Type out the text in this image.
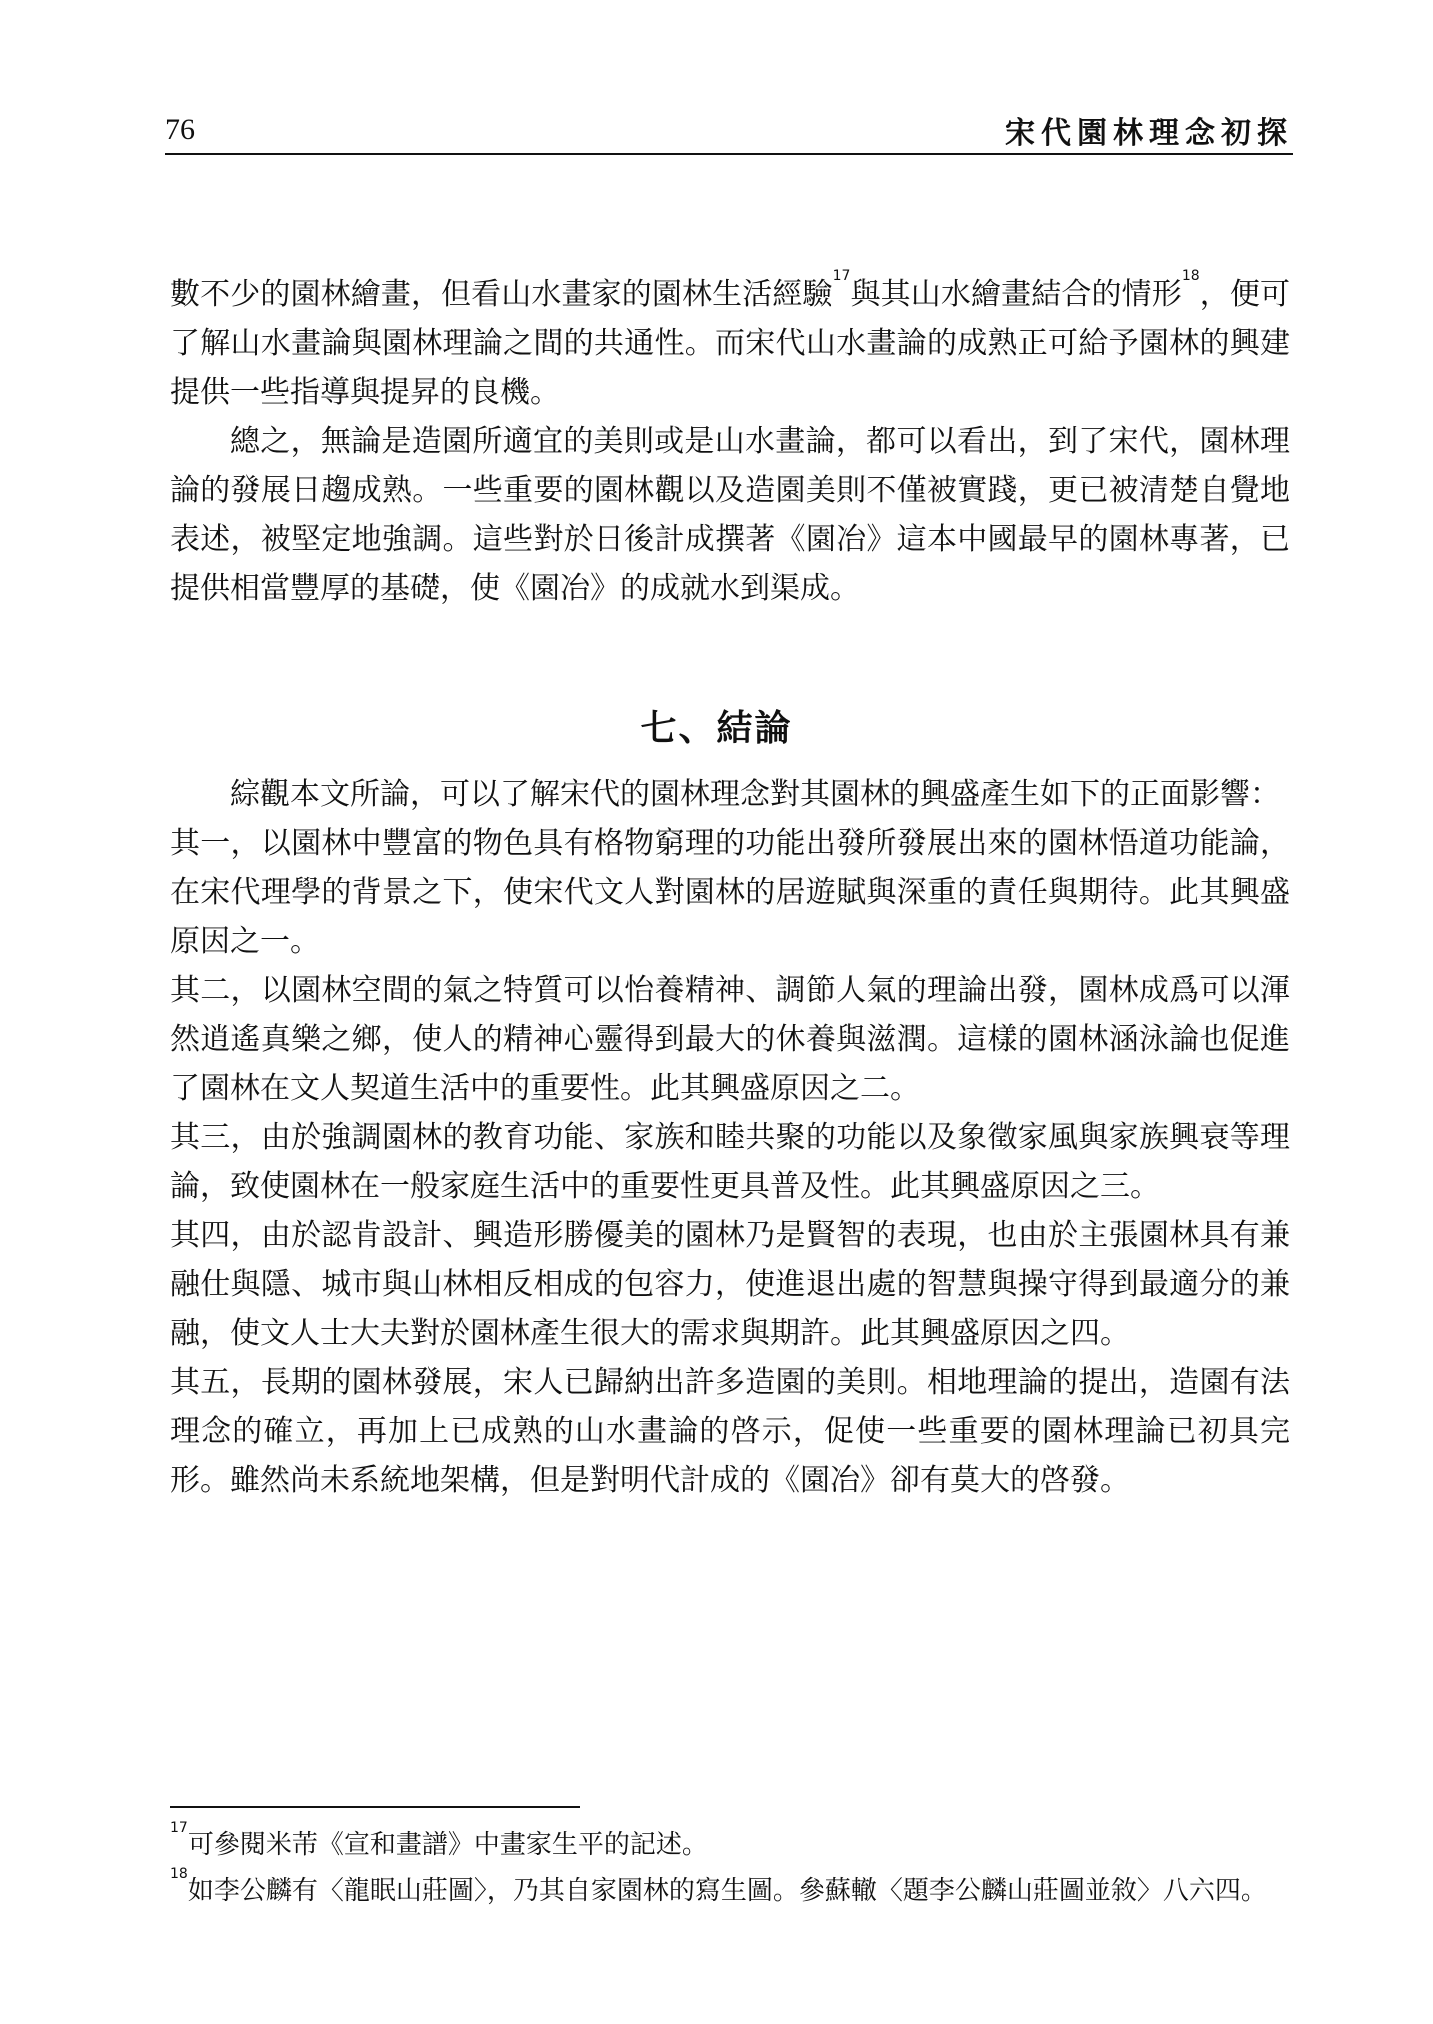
76	宋代園林理念初探

數不少的園林繪畫，但看山水畫家的園林生活經驗$^{17}$與其山水繪畫結合的情形$^{18}$，便可了解山水畫論與園林理論之間的共通性。而宋代山水畫論的成熟正可給予園林的興建提供一些指導與提昇的良機。

總之，無論是造園所適宜的美則或是山水畫論，都可以看出，到了宋代，園林理論的發展日趨成熟。一些重要的園林觀以及造園美則不僅被實踐，更已被清楚自覺地表述，被堅定地強調。這些對於日後計成撰著《園冶》這本中國最早的園林專著，已提供相當豐厚的基礎，使《園冶》的成就水到渠成。

七、結論

綜觀本文所論，可以了解宋代的園林理念對其園林的興盛產生如下的正面影響：

其一，以園林中豐富的物色具有格物窮理的功能出發所發展出來的園林悟道功能論，在宋代理學的背景之下，使宋代文人對園林的居遊賦與深重的責任與期待。此其興盛原因之一。

其二，以園林空間的氣之特質可以怡養精神、調節人氣的理論出發，園林成爲可以渾然逍遙真樂之鄉，使人的精神心靈得到最大的休養與滋潤。這樣的園林涵泳論也促進了園林在文人契道生活中的重要性。此其興盛原因之二。

其三，由於強調園林的教育功能、家族和睦共聚的功能以及象徵家風與家族興衰等理論，致使園林在一般家庭生活中的重要性更具普及性。此其興盛原因之三。

其四，由於認肯設計、興造形勝優美的園林乃是賢智的表現，也由於主張園林具有兼融仕與隱、城市與山林相反相成的包容力，使進退出處的智慧與操守得到最適分的兼融，使文人士大夫對於園林產生很大的需求與期許。此其興盛原因之四。

其五，長期的園林發展，宋人已歸納出許多造園的美則。相地理論的提出，造園有法理念的確立，再加上已成熟的山水畫論的啓示，促使一些重要的園林理論已初具完形。雖然尚未系統地架構，但是對明代計成的《園冶》卻有莫大的啓發。

$^{17}$可參閱米芾《宣和畫譜》中畫家生平的記述。

$^{18}$如李公麟有〈龍眠山莊圖〉，乃其自家園林的寫生圖。參蘇轍〈題李公麟山莊圖並敘〉八六四。
